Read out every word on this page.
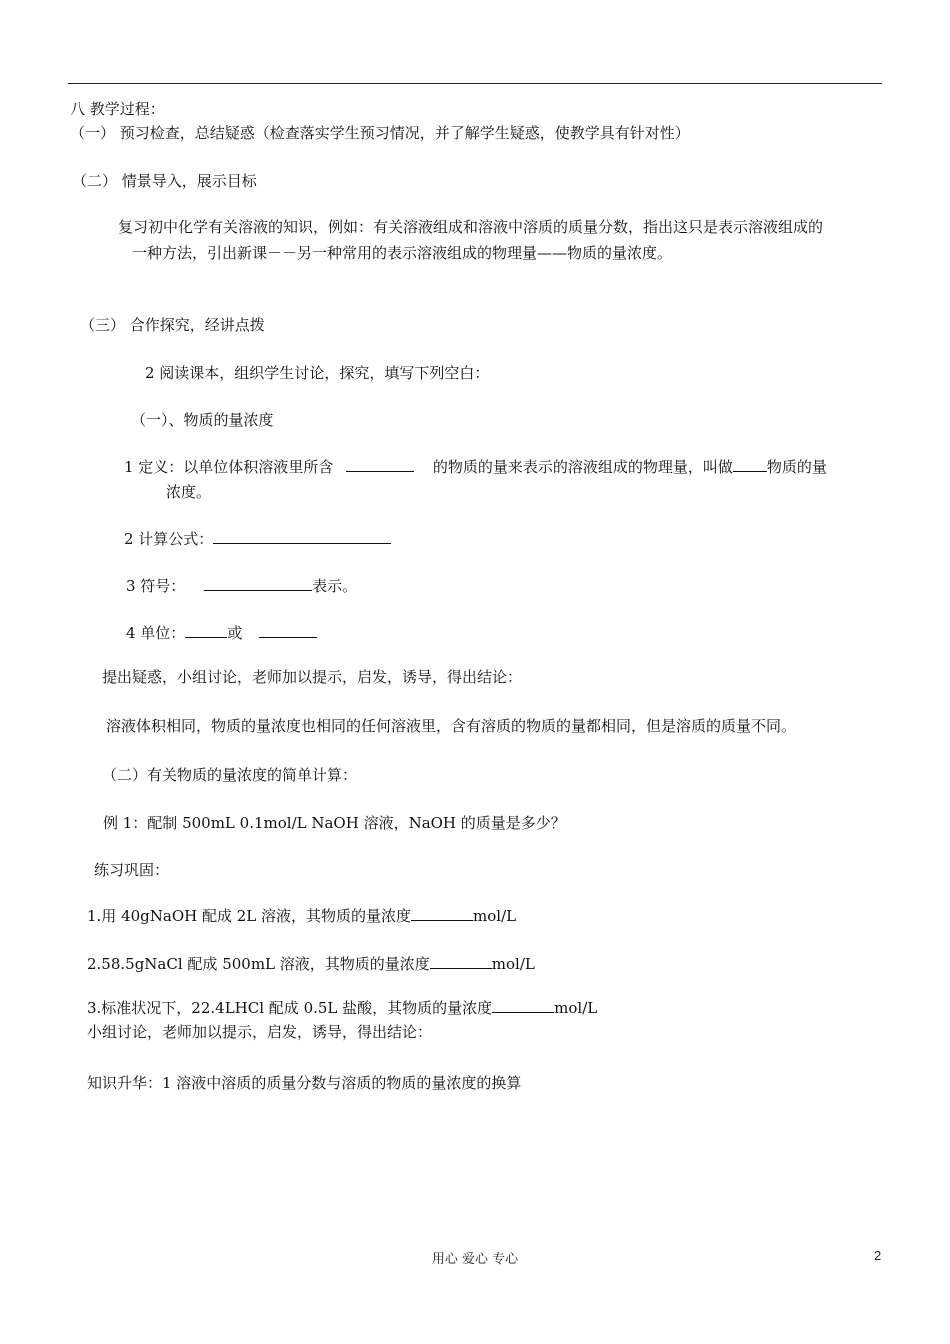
八 教学过程：
（一） 预习检查，总结疑惑（检查落实学生预习情况，并了解学生疑惑，使教学具有针对性）
（二） 情景导入，展示目标
复习初中化学有关溶液的知识，例如：有关溶液组成和溶液中溶质的质量分数，指出这只是表示溶液组成的
一种方法，引出新课－－另一种常用的表示溶液组成的物理量——物质的量浓度。
（三） 合作探究，经讲点拨
2 阅读课本，组织学生讨论，探究，填写下列空白：
（一）、物质的量浓度
1 定义：以单位体积溶液里所含	的物质的量来表示的溶液组成的物理量，叫做 物质的量
浓度。
2 计算公式：
3 符号：	表示。
4 单位：	或
提出疑惑，小组讨论，老师加以提示，启发，诱导，得出结论：
溶液体积相同，物质的量浓度也相同的任何溶液里，含有溶质的物质的量都相同，但是溶质的质量不同。
（二）有关物质的量浓度的简单计算：
例 1：配制 500mL 0.1mol/L NaOH 溶液，NaOH 的质量是多少？
练习巩固：
1.用 40gNaOH 配成 2L 溶液，其物质的量浓度	mol/L
2.58.5gNaCl 配成 500mL 溶液，其物质的量浓度	mol/L
3.标准状况下，22.4LHCl 配成 0.5L 盐酸，其物质的量浓度	mol/L
小组讨论，老师加以提示，启发，诱导，得出结论：
知识升华：1 溶液中溶质的质量分数与溶质的物质的量浓度的换算
用心 爱心 专心	2
